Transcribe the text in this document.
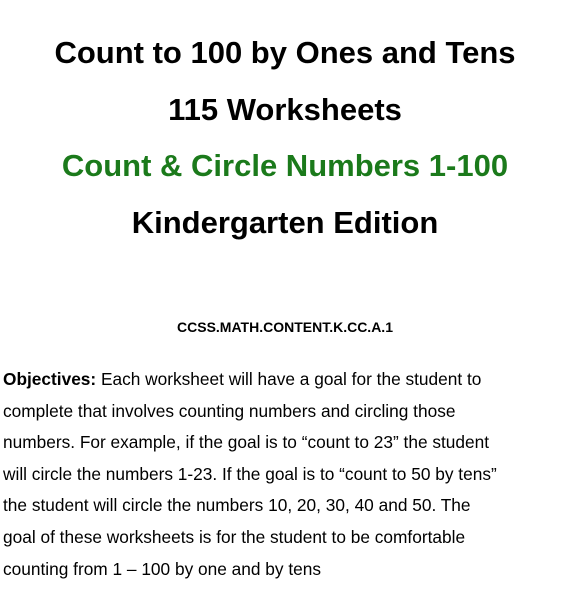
Count to 100 by Ones and Tens
115 Worksheets
Count & Circle Numbers 1-100
Kindergarten Edition
CCSS.MATH.CONTENT.K.CC.A.1
Objectives: Each worksheet will have a goal for the student to
complete that involves counting numbers and circling those
numbers. For example, if the goal is to “count to 23” the student
will circle the numbers 1-23. If the goal is to “count to 50 by tens”
the student will circle the numbers 10, 20, 30, 40 and 50. The
goal of these worksheets is for the student to be comfortable
counting from 1 – 100 by one and by tens
